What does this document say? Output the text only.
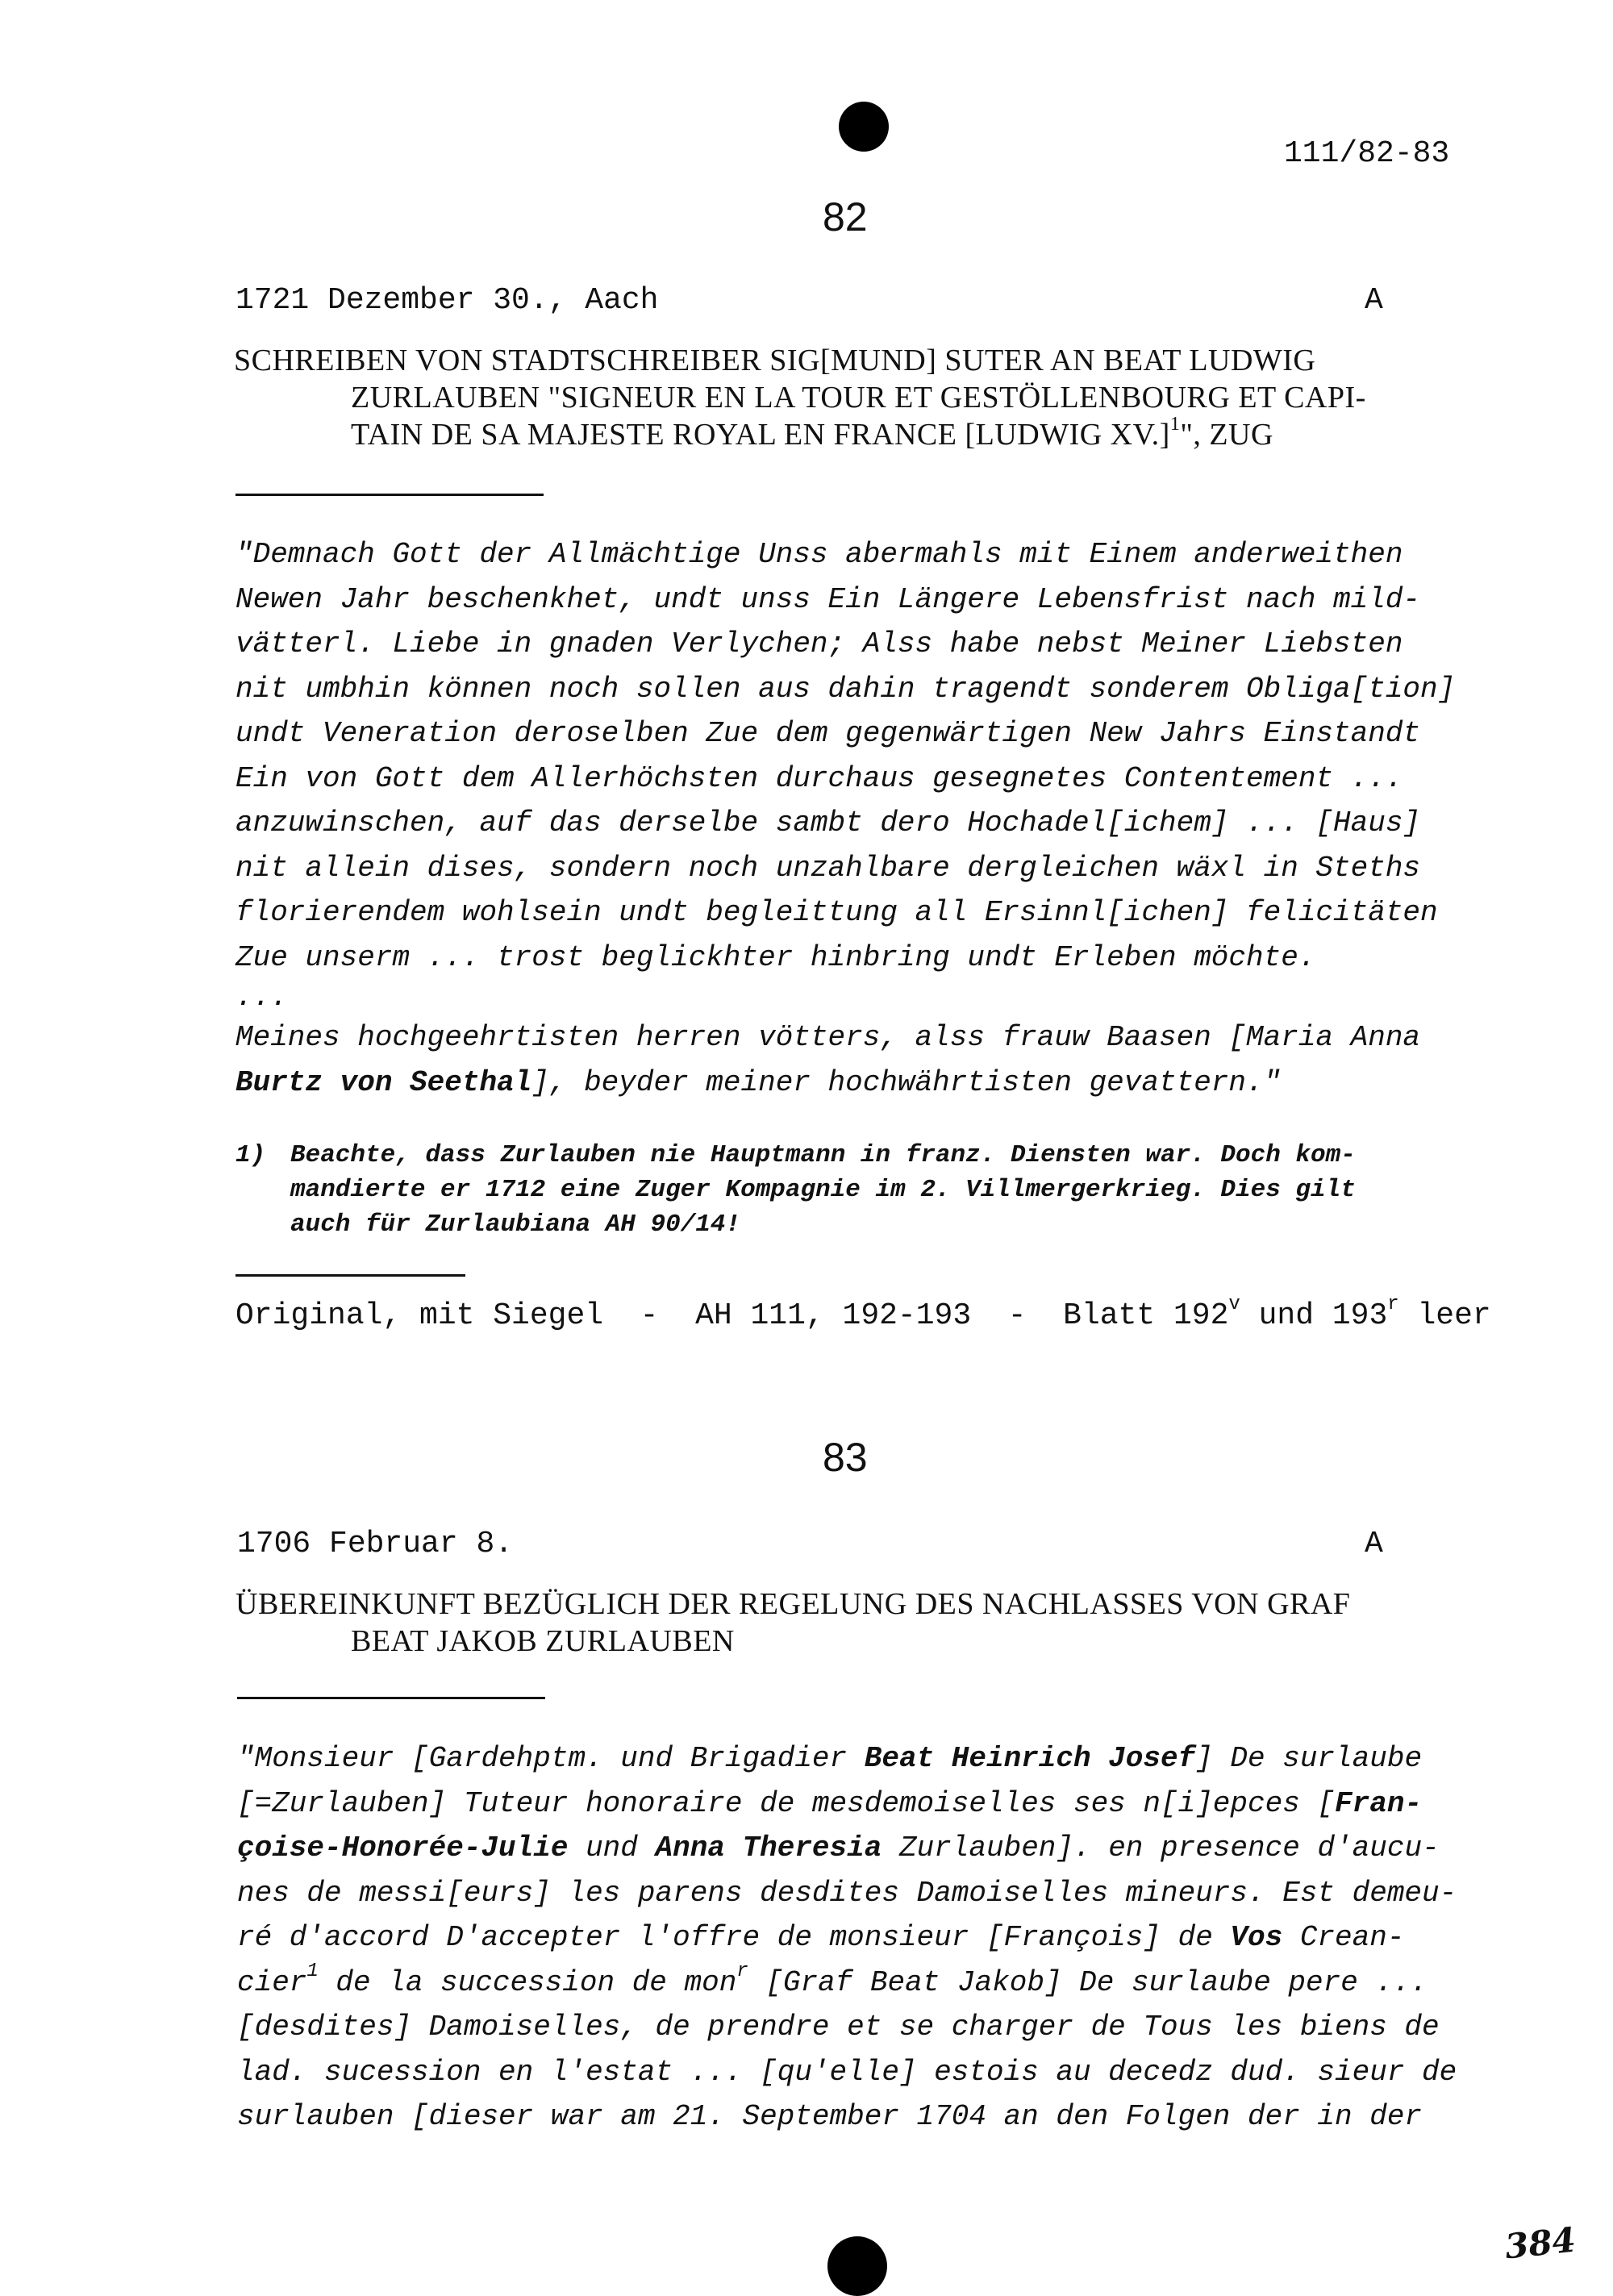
111/82-83
82
1721 Dezember 30., Aach	A
SCHREIBEN VON STADTSCHREIBER SIG[MUND] SUTER AN BEAT LUDWIG
ZURLAUBEN "SIGNEUR EN LA TOUR ET GESTÖLLENBOURG ET CAPI-
TAIN DE SA MAJESTE ROYAL EN FRANCE [LUDWIG XV.]$^1$", ZUG
"Demnach Gott der Allmächtige Unss abermahls mit Einem anderweithen
Newen Jahr beschenkhet, undt unss Ein Längere Lebensfrist nach mild-
vätterl. Liebe in gnaden Verlychen; Alss habe nebst Meiner Liebsten
nit umbhin können noch sollen aus dahin tragendt sonderem Obliga[tion]
undt Veneration deroselben Zue dem gegenwärtigen New Jahrs Einstandt
Ein von Gott dem Allerhöchsten durchaus gesegnetes Contentement ...
anzuwinschen, auf das derselbe sambt dero Hochadel[ichem] ... [Haus]
nit allein dises, sondern noch unzahlbare dergleichen wäxl in Steths
florierendem wohlsein undt begleittung all Ersinnl[ichen] felicitäten
Zue unserm ... trost beglickhter hinbring undt Erleben möchte.
...
Meines hochgeehrtisten herren vötters, alss frauw Baasen [Maria Anna
Burtz von Seethal], beyder meiner hochwährtisten gevattern."
1) Beachte, dass Zurlauben nie Hauptmann in franz. Diensten war. Doch kom-
mandierte er 1712 eine Zuger Kompagnie im 2. Villmergerkrieg. Dies gilt
auch für Zurlaubiana AH 90/14!
Original, mit Siegel  -  AH 111, 192-193  -  Blatt 192$^v$ und 193$^r$ leer
83
1706 Februar 8.	A
ÜBEREINKUNFT BEZÜGLICH DER REGELUNG DES NACHLASSES VON GRAF
BEAT JAKOB ZURLAUBEN
"Monsieur [Gardehptm. und Brigadier Beat Heinrich Josef] De surlaube
[=Zurlauben] Tuteur honoraire de mesdemoiselles ses n[i]epces [Fran-
çoise-Honorée-Julie und Anna Theresia Zurlauben]. en presence d'aucu-
nes de messi[eurs] les parens desdites Damoiselles mineurs. Est demeu-
ré d'accord D'accepter l'offre de monsieur [François] de Vos Crean-
cier$^1$ de la succession de mon$^r$ [Graf Beat Jakob] De surlaube pere ...
[desdites] Damoiselles, de prendre et se charger de Tous les biens de
lad. sucession en l'estat ... [qu'elle] estois au decedz dud. sieur de
surlauben [dieser war am 21. September 1704 an den Folgen der in der
384
